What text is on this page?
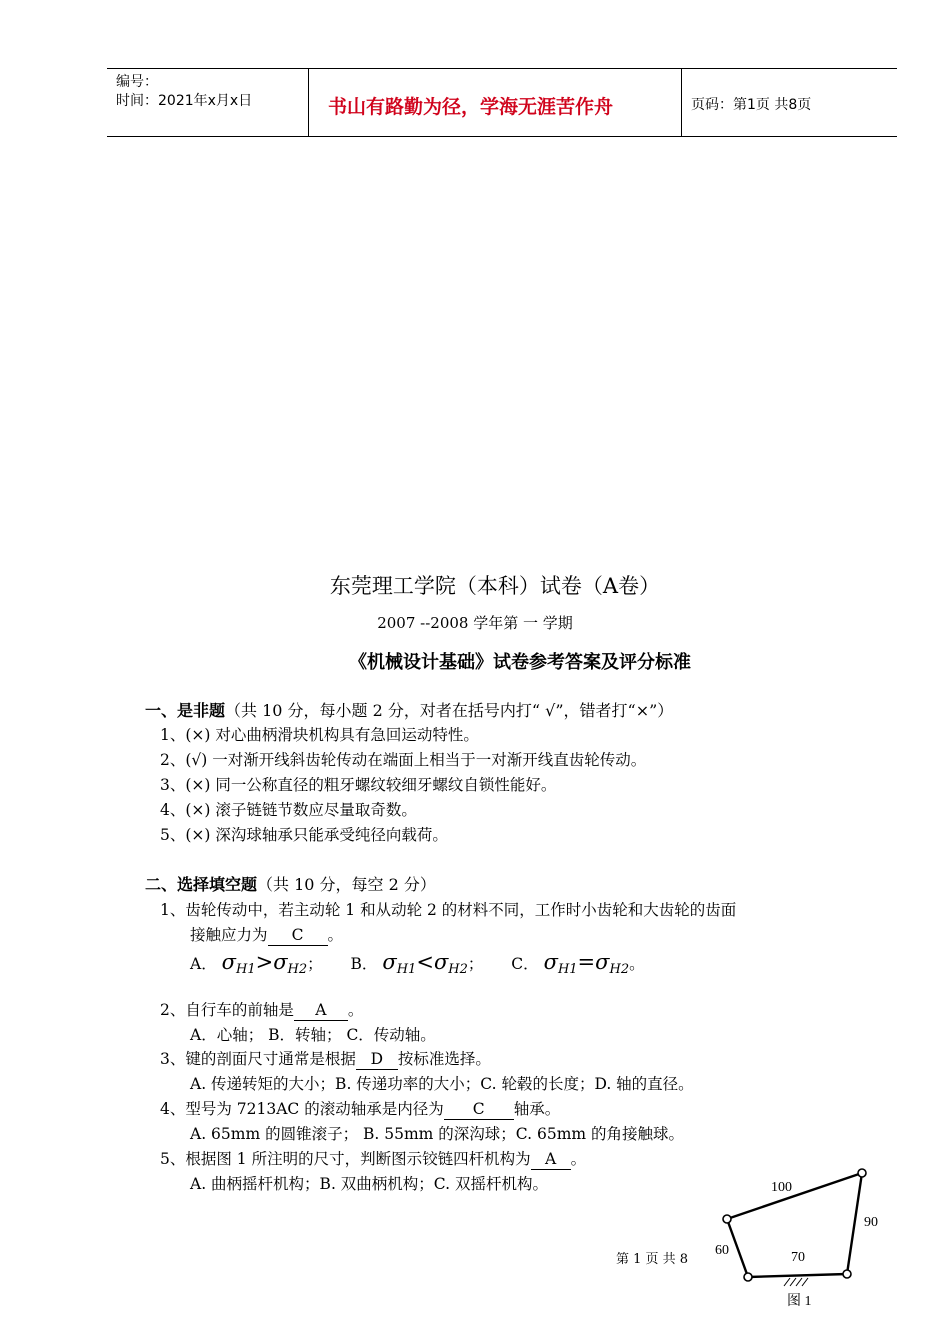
编号：
时间：2021年x月x日	书山有路勤为径，学海无涯苦作舟	页码：第1页 共8页
东莞理工学院（本科）试卷（A卷）
2007 --2008 学年第 一 学期
《机械设计基础》试卷参考答案及评分标准
一、是非题（共 10 分，每小题 2 分，对者在括号内打“ √”，错者打“×”）
1、(×) 对心曲柄滑块机构具有急回运动特性。
2、(√) 一对渐开线斜齿轮传动在端面上相当于一对渐开线直齿轮传动。
3、(×) 同一公称直径的粗牙螺纹较细牙螺纹自锁性能好。
4、(×) 滚子链链节数应尽量取奇数。
5、(×) 深沟球轴承只能承受纯径向载荷。
二、选择填空题（共 10 分，每空 2 分）
1、齿轮传动中，若主动轮 1 和从动轮 2 的材料不同，工作时小齿轮和大齿轮的齿面
接触应力为 C 。
A． $\sigma_{H1}>\sigma_{H2}$； B． $\sigma_{H1}<\sigma_{H2}$； C． $\sigma_{H1}=\sigma_{H2}$。
2、自行车的前轴是 A 。
A．心轴； B．转轴； C．传动轴。
3、键的剖面尺寸通常是根据 D 按标准选择。
A. 传递转矩的大小；B. 传递功率的大小；C. 轮毂的长度；D. 轴的直径。
4、型号为 7213AC 的滚动轴承是内径为 C 轴承。
A. 65mm 的圆锥滚子； B. 55mm 的深沟球；C. 65mm 的角接触球。
5、根据图 1 所注明的尺寸，判断图示铰链四杆机构为 A 。
A. 曲柄摇杆机构；B. 双曲柄机构；C. 双摇杆机构。	100
90
60	70
图 1
第 1 页 共 8
